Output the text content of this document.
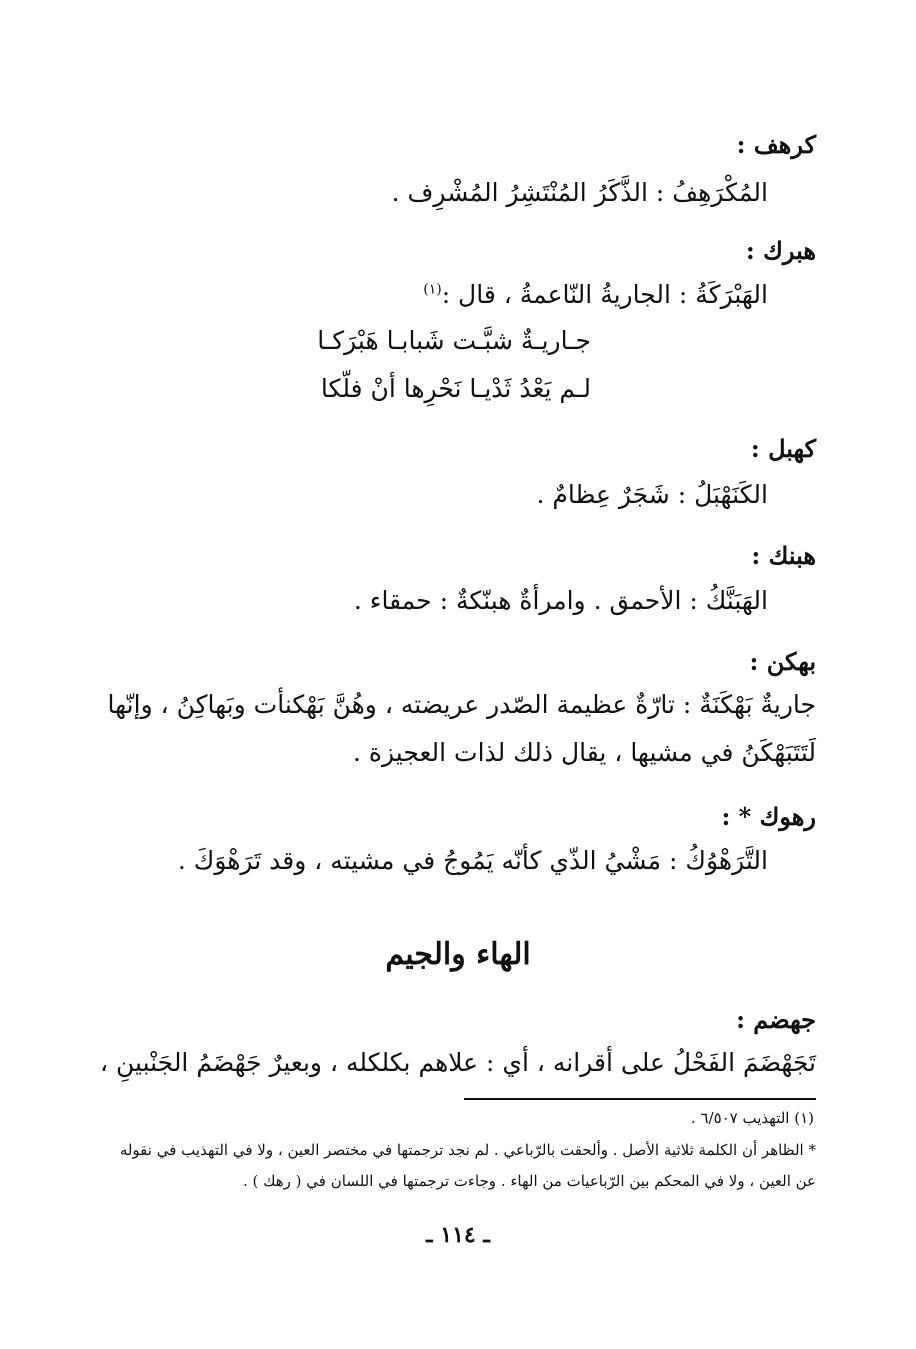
كرهف :
المُكْرَهِفُ : الذَّكَرُ المُنْتَشِرُ المُشْرِف .
هبرك :
الهَبْرَكَةُ : الجاريةُ النّاعمةُ ، قال :$^{(١)}$
جـاريـةٌ شبَّـت شَبابـا هَبْرَكـا
لـم يَعْدُ ثَدْيـا نَحْرِها أنْ فلّكا
كهبل :
الكَنَهْبَلُ : شَجَرٌ عِظامٌ .
هبنك :
الهَبَنَّكُ : الأحمق . وامرأةٌ هبنّكةٌ : حمقاء .
بهكن :
جاريةٌ بَهْكَنَةٌ : تارّةٌ عظيمة الصّدر عريضته ، وهُنَّ بَهْكنأت وبَهاكِنُ ، وإنّها
لَتَتَبَهْكَنُ في مشيها ، يقال ذلك لذات العجيزة .
رهوك * :
التَّرَهْوُكُ : مَشْيُ الذّي كأنّه يَمُوجُ في مشيته ، وقد تَرَهْوَكَ .
الهاء والجيم
جهضم :
تَجَهْضَمَ الفَحْلُ على أقرانه ، أي : علاهم بكلكله ، وبعيرٌ جَهْضَمُ الجَنْبينِ ،
(١) التهذيب ٦/٥٠٧ .
* الظاهر أن الكلمة ثلاثية الأصل . وألحقت بالرّباعي . لم نجد ترجمتها في مختصر العين ، ولا في التهذيب في نقوله
عن العين ، ولا في المحكم بين الرّباعيات من الهاء . وجاءت ترجمتها في اللسان في ( رهك ) .
ـ ١١٤ ـ
